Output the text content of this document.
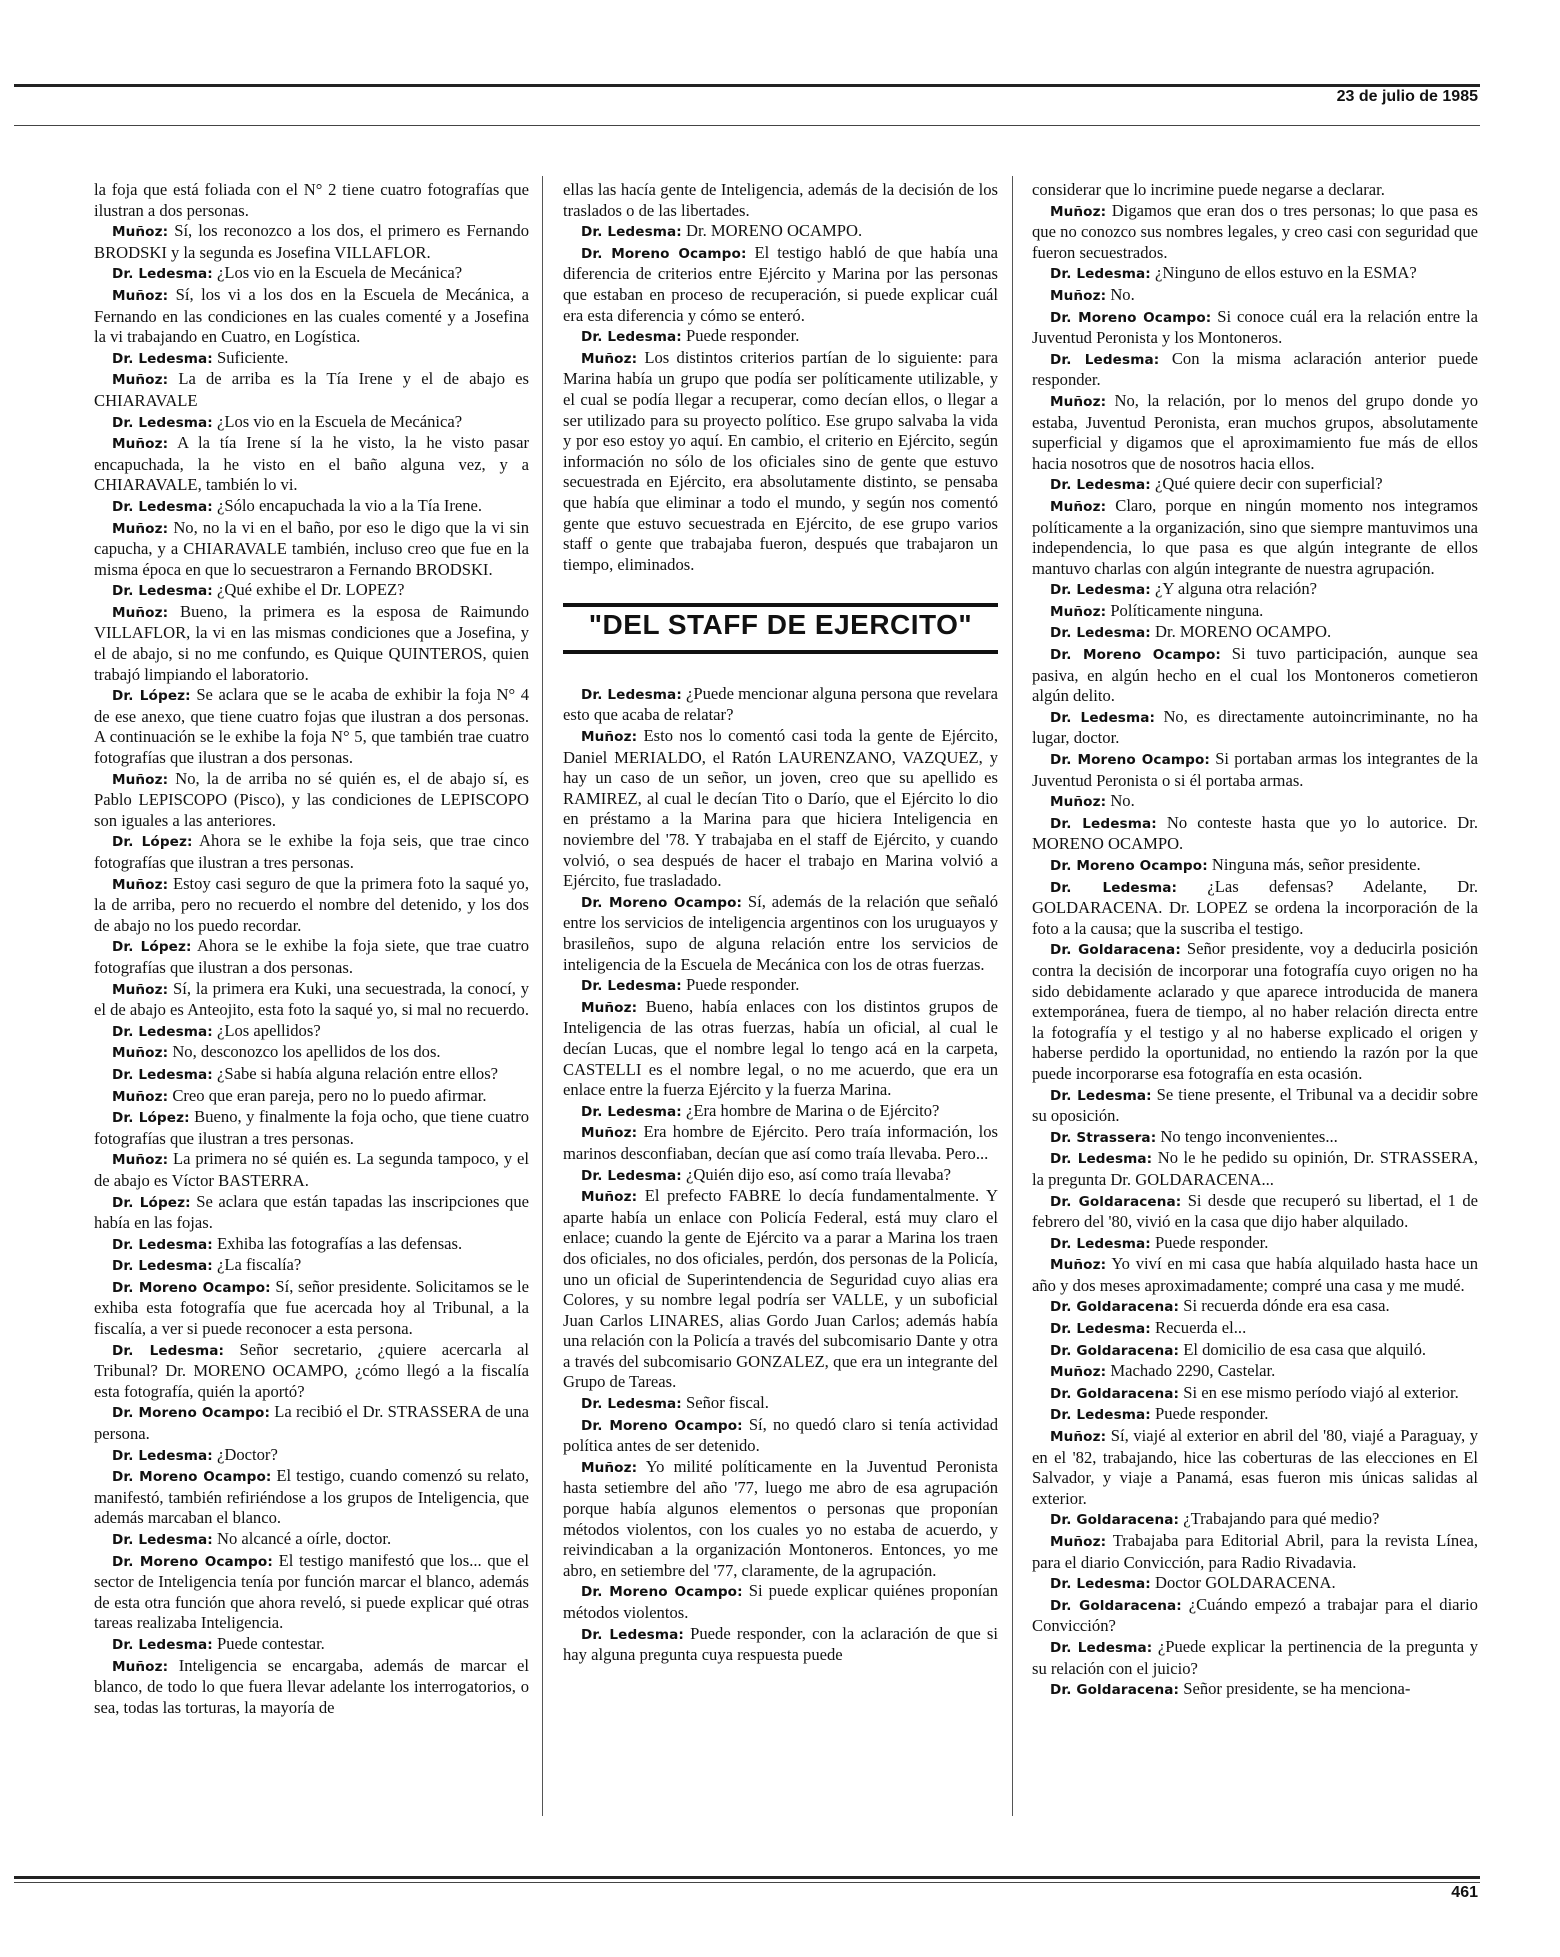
23 de julio de 1985

la foja que está foliada con el N° 2 tiene cuatro fotografías que ilustran a dos personas.

Muñoz: Sí, los reconozco a los dos, el primero es Fernando BRODSKI y la segunda es Josefina VILLAFLOR.

Dr. Ledesma: ¿Los vio en la Escuela de Mecánica?

Muñoz: Sí, los vi a los dos en la Escuela de Mecánica, a Fernando en las condiciones en las cuales comenté y a Josefina la vi trabajando en Cuatro, en Logística.

Dr. Ledesma: Suficiente.

Muñoz: La de arriba es la Tía Irene y el de abajo es CHIARAVALE

Dr. Ledesma: ¿Los vio en la Escuela de Mecánica?

Muñoz: A la tía Irene sí la he visto, la he visto pasar encapuchada, la he visto en el baño alguna vez, y a CHIARAVALE, también lo vi.

Dr. Ledesma: ¿Sólo encapuchada la vio a la Tía Irene.

Muñoz: No, no la vi en el baño, por eso le digo que la vi sin capucha, y a CHIARAVALE también, incluso creo que fue en la misma época en que lo secuestraron a Fernando BRODSKI.

Dr. Ledesma: ¿Qué exhibe el Dr. LOPEZ?

Muñoz: Bueno, la primera es la esposa de Raimundo VILLAFLOR, la vi en las mismas condiciones que a Josefina, y el de abajo, si no me confundo, es Quique QUINTEROS, quien trabajó limpiando el laboratorio.

Dr. López: Se aclara que se le acaba de exhibir la foja N° 4 de ese anexo, que tiene cuatro fojas que ilustran a dos personas. A continuación se le exhibe la foja N° 5, que también trae cuatro fotografías que ilustran a dos personas.

Muñoz: No, la de arriba no sé quién es, el de abajo sí, es Pablo LEPISCOPO (Pisco), y las condiciones de LEPISCOPO son iguales a las anteriores.

Dr. López: Ahora se le exhibe la foja seis, que trae cinco fotografías que ilustran a tres personas.

Muñoz: Estoy casi seguro de que la primera foto la saqué yo, la de arriba, pero no recuerdo el nombre del detenido, y los dos de abajo no los puedo recordar.

Dr. López: Ahora se le exhibe la foja siete, que trae cuatro fotografías que ilustran a dos personas.

Muñoz: Sí, la primera era Kuki, una secuestrada, la conocí, y el de abajo es Anteojito, esta foto la saqué yo, si mal no recuerdo.

Dr. Ledesma: ¿Los apellidos?

Muñoz: No, desconozco los apellidos de los dos.

Dr. Ledesma: ¿Sabe si había alguna relación entre ellos?

Muñoz: Creo que eran pareja, pero no lo puedo afirmar.

Dr. López: Bueno, y finalmente la foja ocho, que tiene cuatro fotografías que ilustran a tres personas.

Muñoz: La primera no sé quién es. La segunda tampoco, y el de abajo es Víctor BASTERRA.

Dr. López: Se aclara que están tapadas las inscripciones que había en las fojas.

Dr. Ledesma: Exhiba las fotografías a las defensas.

Dr. Ledesma: ¿La fiscalía?

Dr. Moreno Ocampo: Sí, señor presidente. Solicitamos se le exhiba esta fotografía que fue acercada hoy al Tribunal, a la fiscalía, a ver si puede reconocer a esta persona.

Dr. Ledesma: Señor secretario, ¿quiere acercarla al Tribunal? Dr. MORENO OCAMPO, ¿cómo llegó a la fiscalía esta fotografía, quién la aportó?

Dr. Moreno Ocampo: La recibió el Dr. STRASSERA de una persona.

Dr. Ledesma: ¿Doctor?

Dr. Moreno Ocampo: El testigo, cuando comenzó su relato, manifestó, también refiriéndose a los grupos de Inteligencia, que además marcaban el blanco.

Dr. Ledesma: No alcancé a oírle, doctor.

Dr. Moreno Ocampo: El testigo manifestó que los... que el sector de Inteligencia tenía por función marcar el blanco, además de esta otra función que ahora reveló, si puede explicar qué otras tareas realizaba Inteligencia.

Dr. Ledesma: Puede contestar.

Muñoz: Inteligencia se encargaba, además de marcar el blanco, de todo lo que fuera llevar adelante los interrogatorios, o sea, todas las torturas, la mayoría de

ellas las hacía gente de Inteligencia, además de la decisión de los traslados o de las libertades.

Dr. Ledesma: Dr. MORENO OCAMPO.

Dr. Moreno Ocampo: El testigo habló de que había una diferencia de criterios entre Ejército y Marina por las personas que estaban en proceso de recuperación, si puede explicar cuál era esta diferencia y cómo se enteró.

Dr. Ledesma: Puede responder.

Muñoz: Los distintos criterios partían de lo siguiente: para Marina había un grupo que podía ser políticamente utilizable, y el cual se podía llegar a recuperar, como decían ellos, o llegar a ser utilizado para su proyecto político. Ese grupo salvaba la vida y por eso estoy yo aquí. En cambio, el criterio en Ejército, según información no sólo de los oficiales sino de gente que estuvo secuestrada en Ejército, era absolutamente distinto, se pensaba que había que eliminar a todo el mundo, y según nos comentó gente que estuvo secuestrada en Ejército, de ese grupo varios staff o gente que trabajaba fueron, después que trabajaron un tiempo, eliminados.

"DEL STAFF DE EJERCITO"

Dr. Ledesma: ¿Puede mencionar alguna persona que revelara esto que acaba de relatar?

Muñoz: Esto nos lo comentó casi toda la gente de Ejército, Daniel MERIALDO, el Ratón LAURENZANO, VAZQUEZ, y hay un caso de un señor, un joven, creo que su apellido es RAMIREZ, al cual le decían Tito o Darío, que el Ejército lo dio en préstamo a la Marina para que hiciera Inteligencia en noviembre del '78. Y trabajaba en el staff de Ejército, y cuando volvió, o sea después de hacer el trabajo en Marina volvió a Ejército, fue trasladado.

Dr. Moreno Ocampo: Sí, además de la relación que señaló entre los servicios de inteligencia argentinos con los uruguayos y brasileños, supo de alguna relación entre los servicios de inteligencia de la Escuela de Mecánica con los de otras fuerzas.

Dr. Ledesma: Puede responder.

Muñoz: Bueno, había enlaces con los distintos grupos de Inteligencia de las otras fuerzas, había un oficial, al cual le decían Lucas, que el nombre legal lo tengo acá en la carpeta, CASTELLI es el nombre legal, o no me acuerdo, que era un enlace entre la fuerza Ejército y la fuerza Marina.

Dr. Ledesma: ¿Era hombre de Marina o de Ejército?

Muñoz: Era hombre de Ejército. Pero traía información, los marinos desconfiaban, decían que así como traía llevaba. Pero...

Dr. Ledesma: ¿Quién dijo eso, así como traía llevaba?

Muñoz: El prefecto FABRE lo decía fundamentalmente. Y aparte había un enlace con Policía Federal, está muy claro el enlace; cuando la gente de Ejército va a parar a Marina los traen dos oficiales, no dos oficiales, perdón, dos personas de la Policía, uno un oficial de Superintendencia de Seguridad cuyo alias era Colores, y su nombre legal podría ser VALLE, y un suboficial Juan Carlos LINARES, alias Gordo Juan Carlos; además había una relación con la Policía a través del subcomisario Dante y otra a través del subcomisario GONZALEZ, que era un integrante del Grupo de Tareas.

Dr. Ledesma: Señor fiscal.

Dr. Moreno Ocampo: Sí, no quedó claro si tenía actividad política antes de ser detenido.

Muñoz: Yo milité políticamente en la Juventud Peronista hasta setiembre del año '77, luego me abro de esa agrupación porque había algunos elementos o personas que proponían métodos violentos, con los cuales yo no estaba de acuerdo, y reivindicaban a la organización Montoneros. Entonces, yo me abro, en setiembre del '77, claramente, de la agrupación.

Dr. Moreno Ocampo: Si puede explicar quiénes proponían métodos violentos.

Dr. Ledesma: Puede responder, con la aclaración de que si hay alguna pregunta cuya respuesta puede

considerar que lo incrimine puede negarse a declarar.

Muñoz: Digamos que eran dos o tres personas; lo que pasa es que no conozco sus nombres legales, y creo casi con seguridad que fueron secuestrados.

Dr. Ledesma: ¿Ninguno de ellos estuvo en la ESMA?

Muñoz: No.

Dr. Moreno Ocampo: Si conoce cuál era la relación entre la Juventud Peronista y los Montoneros.

Dr. Ledesma: Con la misma aclaración anterior puede responder.

Muñoz: No, la relación, por lo menos del grupo donde yo estaba, Juventud Peronista, eran muchos grupos, absolutamente superficial y digamos que el aproximamiento fue más de ellos hacia nosotros que de nosotros hacia ellos.

Dr. Ledesma: ¿Qué quiere decir con superficial?

Muñoz: Claro, porque en ningún momento nos integramos políticamente a la organización, sino que siempre mantuvimos una independencia, lo que pasa es que algún integrante de ellos mantuvo charlas con algún integrante de nuestra agrupación.

Dr. Ledesma: ¿Y alguna otra relación?

Muñoz: Políticamente ninguna.

Dr. Ledesma: Dr. MORENO OCAMPO.

Dr. Moreno Ocampo: Si tuvo participación, aunque sea pasiva, en algún hecho en el cual los Montoneros cometieron algún delito.

Dr. Ledesma: No, es directamente autoincriminante, no ha lugar, doctor.

Dr. Moreno Ocampo: Si portaban armas los integrantes de la Juventud Peronista o si él portaba armas.

Muñoz: No.

Dr. Ledesma: No conteste hasta que yo lo autorice. Dr. MORENO OCAMPO.

Dr. Moreno Ocampo: Ninguna más, señor presidente.

Dr. Ledesma: ¿Las defensas? Adelante, Dr. GOLDARACENA. Dr. LOPEZ se ordena la incorporación de la foto a la causa; que la suscriba el testigo.

Dr. Goldaracena: Señor presidente, voy a deducirla posición contra la decisión de incorporar una fotografía cuyo origen no ha sido debidamente aclarado y que aparece introducida de manera extemporánea, fuera de tiempo, al no haber relación directa entre la fotografía y el testigo y al no haberse explicado el origen y haberse perdido la oportunidad, no entiendo la razón por la que puede incorporarse esa fotografía en esta ocasión.

Dr. Ledesma: Se tiene presente, el Tribunal va a decidir sobre su oposición.

Dr. Strassera: No tengo inconvenientes...

Dr. Ledesma: No le he pedido su opinión, Dr. STRASSERA, la pregunta Dr. GOLDARACENA...

Dr. Goldaracena: Si desde que recuperó su libertad, el 1 de febrero del '80, vivió en la casa que dijo haber alquilado.

Dr. Ledesma: Puede responder.

Muñoz: Yo viví en mi casa que había alquilado hasta hace un año y dos meses aproximadamente; compré una casa y me mudé.

Dr. Goldaracena: Si recuerda dónde era esa casa.

Dr. Ledesma: Recuerda el...

Dr. Goldaracena: El domicilio de esa casa que alquiló.

Muñoz: Machado 2290, Castelar.

Dr. Goldaracena: Si en ese mismo período viajó al exterior.

Dr. Ledesma: Puede responder.

Muñoz: Sí, viajé al exterior en abril del '80, viajé a Paraguay, y en el '82, trabajando, hice las coberturas de las elecciones en El Salvador, y viaje a Panamá, esas fueron mis únicas salidas al exterior.

Dr. Goldaracena: ¿Trabajando para qué medio?

Muñoz: Trabajaba para Editorial Abril, para la revista Línea, para el diario Convicción, para Radio Rivadavia.

Dr. Ledesma: Doctor GOLDARACENA.

Dr. Goldaracena: ¿Cuándo empezó a trabajar para el diario Convicción?

Dr. Ledesma: ¿Puede explicar la pertinencia de la pregunta y su relación con el juicio?

Dr. Goldaracena: Señor presidente, se ha menciona-

461
